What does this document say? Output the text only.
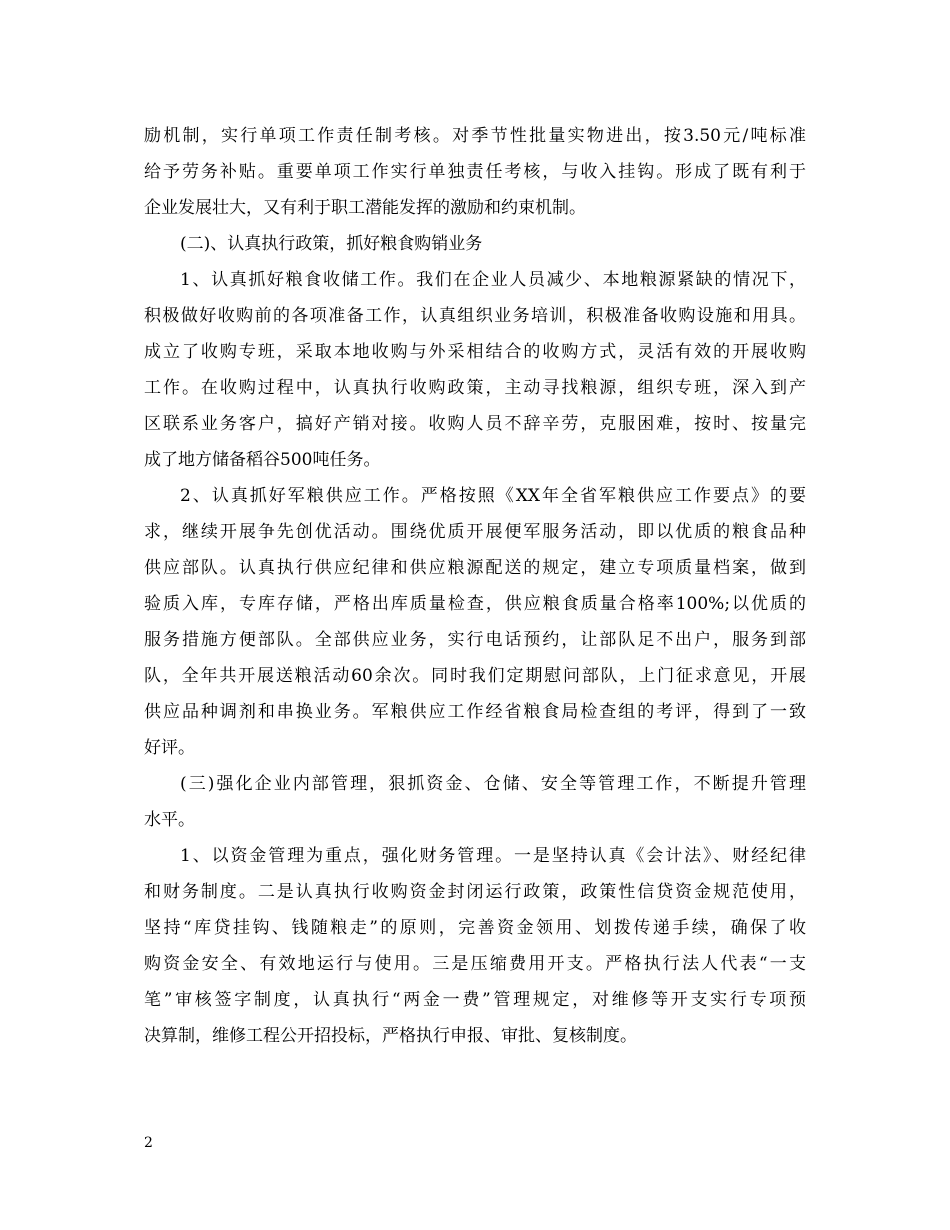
励机制，实行单项工作责任制考核。对季节性批量实物进出，按3.50元/吨标准
给予劳务补贴。重要单项工作实行单独责任考核，与收入挂钩。形成了既有利于
企业发展壮大，又有利于职工潜能发挥的激励和约束机制。
(二)、认真执行政策，抓好粮食购销业务
1、认真抓好粮食收储工作。我们在企业人员减少、本地粮源紧缺的情况下，
积极做好收购前的各项准备工作，认真组织业务培训，积极准备收购设施和用具。
成立了收购专班，采取本地收购与外采相结合的收购方式，灵活有效的开展收购
工作。在收购过程中，认真执行收购政策，主动寻找粮源，组织专班，深入到产
区联系业务客户，搞好产销对接。收购人员不辞辛劳，克服困难，按时、按量完
成了地方储备稻谷500吨任务。
2、认真抓好军粮供应工作。严格按照《XX年全省军粮供应工作要点》的要
求，继续开展争先创优活动。围绕优质开展便军服务活动，即以优质的粮食品种
供应部队。认真执行供应纪律和供应粮源配送的规定，建立专项质量档案，做到
验质入库，专库存储，严格出库质量检查，供应粮食质量合格率100%;以优质的
服务措施方便部队。全部供应业务，实行电话预约，让部队足不出户，服务到部
队，全年共开展送粮活动60余次。同时我们定期慰问部队，上门征求意见，开展
供应品种调剂和串换业务。军粮供应工作经省粮食局检查组的考评，得到了一致
好评。
(三)强化企业内部管理，狠抓资金、仓储、安全等管理工作，不断提升管理
水平。
1、以资金管理为重点，强化财务管理。一是坚持认真《会计法》、财经纪律
和财务制度。二是认真执行收购资金封闭运行政策，政策性信贷资金规范使用，
坚持“库贷挂钩、钱随粮走”的原则，完善资金领用、划拨传递手续，确保了收
购资金安全、有效地运行与使用。三是压缩费用开支。严格执行法人代表“一支
笔”审核签字制度，认真执行“两金一费”管理规定，对维修等开支实行专项预
决算制，维修工程公开招投标，严格执行申报、审批、复核制度。
2
